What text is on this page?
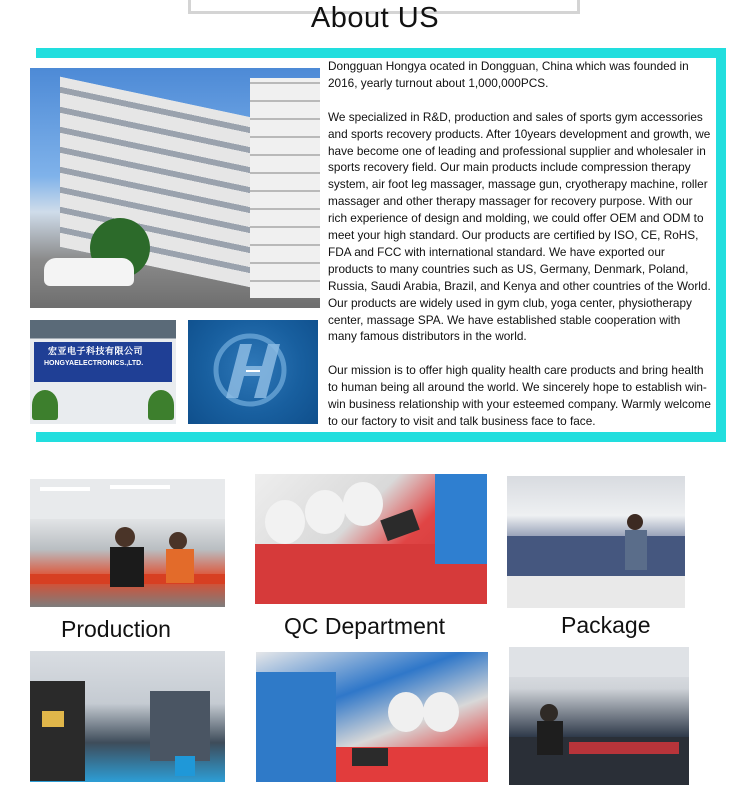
About US
宏亚电子科技有限公司
HONGYAELECTRONICS.,LTD.

Dongguan Hongya ocated in Dongguan, China which was founded in 2016, yearly turnout about 1,000,000PCS.

We specialized in R&D, production and sales of sports gym accessories and sports recovery products. After 10years development and growth, we have become one of leading and professional supplier and wholesaler in sports recovery field. Our main products include compression therapy system, air foot leg massager, massage gun, cryotherapy machine, roller massager and other therapy massager for recovery purpose. With our rich experience of design and molding, we could offer OEM and ODM to meet your high standard. Our products are certified by ISO, CE, RoHS, FDA and FCC with international standard. We have exported our products to many countries such as US, Germany, Denmark, Poland, Russia, Saudi Arabia, Brazil, and Kenya and other countries of the World. Our products are widely used in gym club, yoga center, physiotherapy center, massage SPA. We have established stable cooperation with many famous distributors in the world.

Our mission is to offer high quality health care products and bring health to human being all around the world. We sincerely hope to establish win-win business relationship with your esteemed company. Warmly welcome to our factory to visit and talk business face to face.

Production	QC Department	Package
